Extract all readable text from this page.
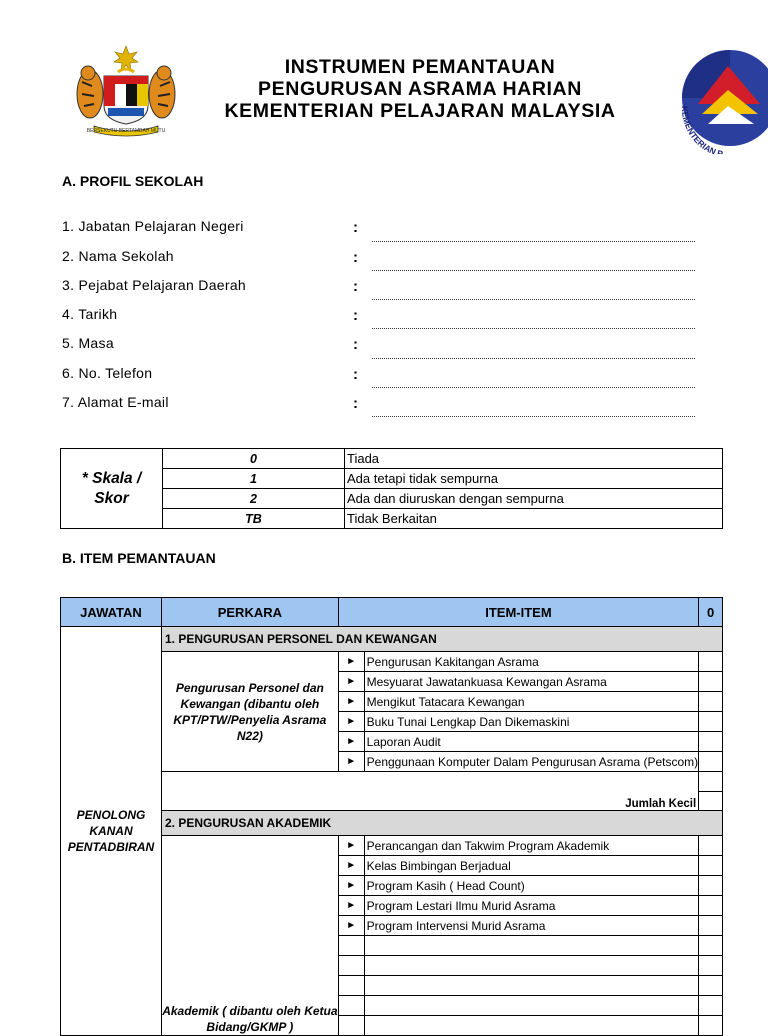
BERSEKUTU BERTAMBAH MUTU
INSTRUMEN PEMANTAUAN
PENGURUSAN ASRAMA HARIAN
KEMENTERIAN PELAJARAN MALAYSIA	KEMENTERIAN P
A. PROFIL SEKOLAH
1. Jabatan Pelajaran Negeri	:
2. Nama Sekolah	:
3. Pejabat Pelajaran Daerah	:
4. Tarikh	:
5. Masa	:
6. No. Telefon	:
7. Alamat E-mail	:
* Skala /
Skor	0	Tiada
	1	Ada tetapi tidak sempurna
	2	Ada dan diuruskan dengan sempurna
	TB	Tidak Berkaitan
B. ITEM PEMANTAUAN
JAWATAN	PERKARA	ITEM-ITEM		0

PENOLONG
KANAN
PENTADBIRAN	1. PENGURUSAN PERSONEL DAN KEWANGAN			

	Pengurusan Personel dan
Kewangan (dibantu oleh
KPT/PTW/Penyelia Asrama N22)	►	Pengurusan Kakitangan Asrama	
		►	Mesyuarat Jawatankuasa Kewangan Asrama	
		►	Mengikut Tatacara Kewangan	
		►	Buku Tunai Lengkap Dan Dikemaskini	
		►	Laporan Audit	
		►	Penggunaan Komputer Dalam Pengurusan Asrama (Petscom)	

	Jumlah Kecil			
	2. PENGURUSAN AKADEMIK			

	Akademik ( dibantu oleh Ketua
Bidang/GKMP )	►	Perancangan dan Takwim Program Akademik	
		►	Kelas Bimbingan Berjadual	
		►	Program Kasih ( Head Count)	
		►	Program Lestari Ilmu Murid Asrama	
		►	Program Intervensi Murid Asrama	
